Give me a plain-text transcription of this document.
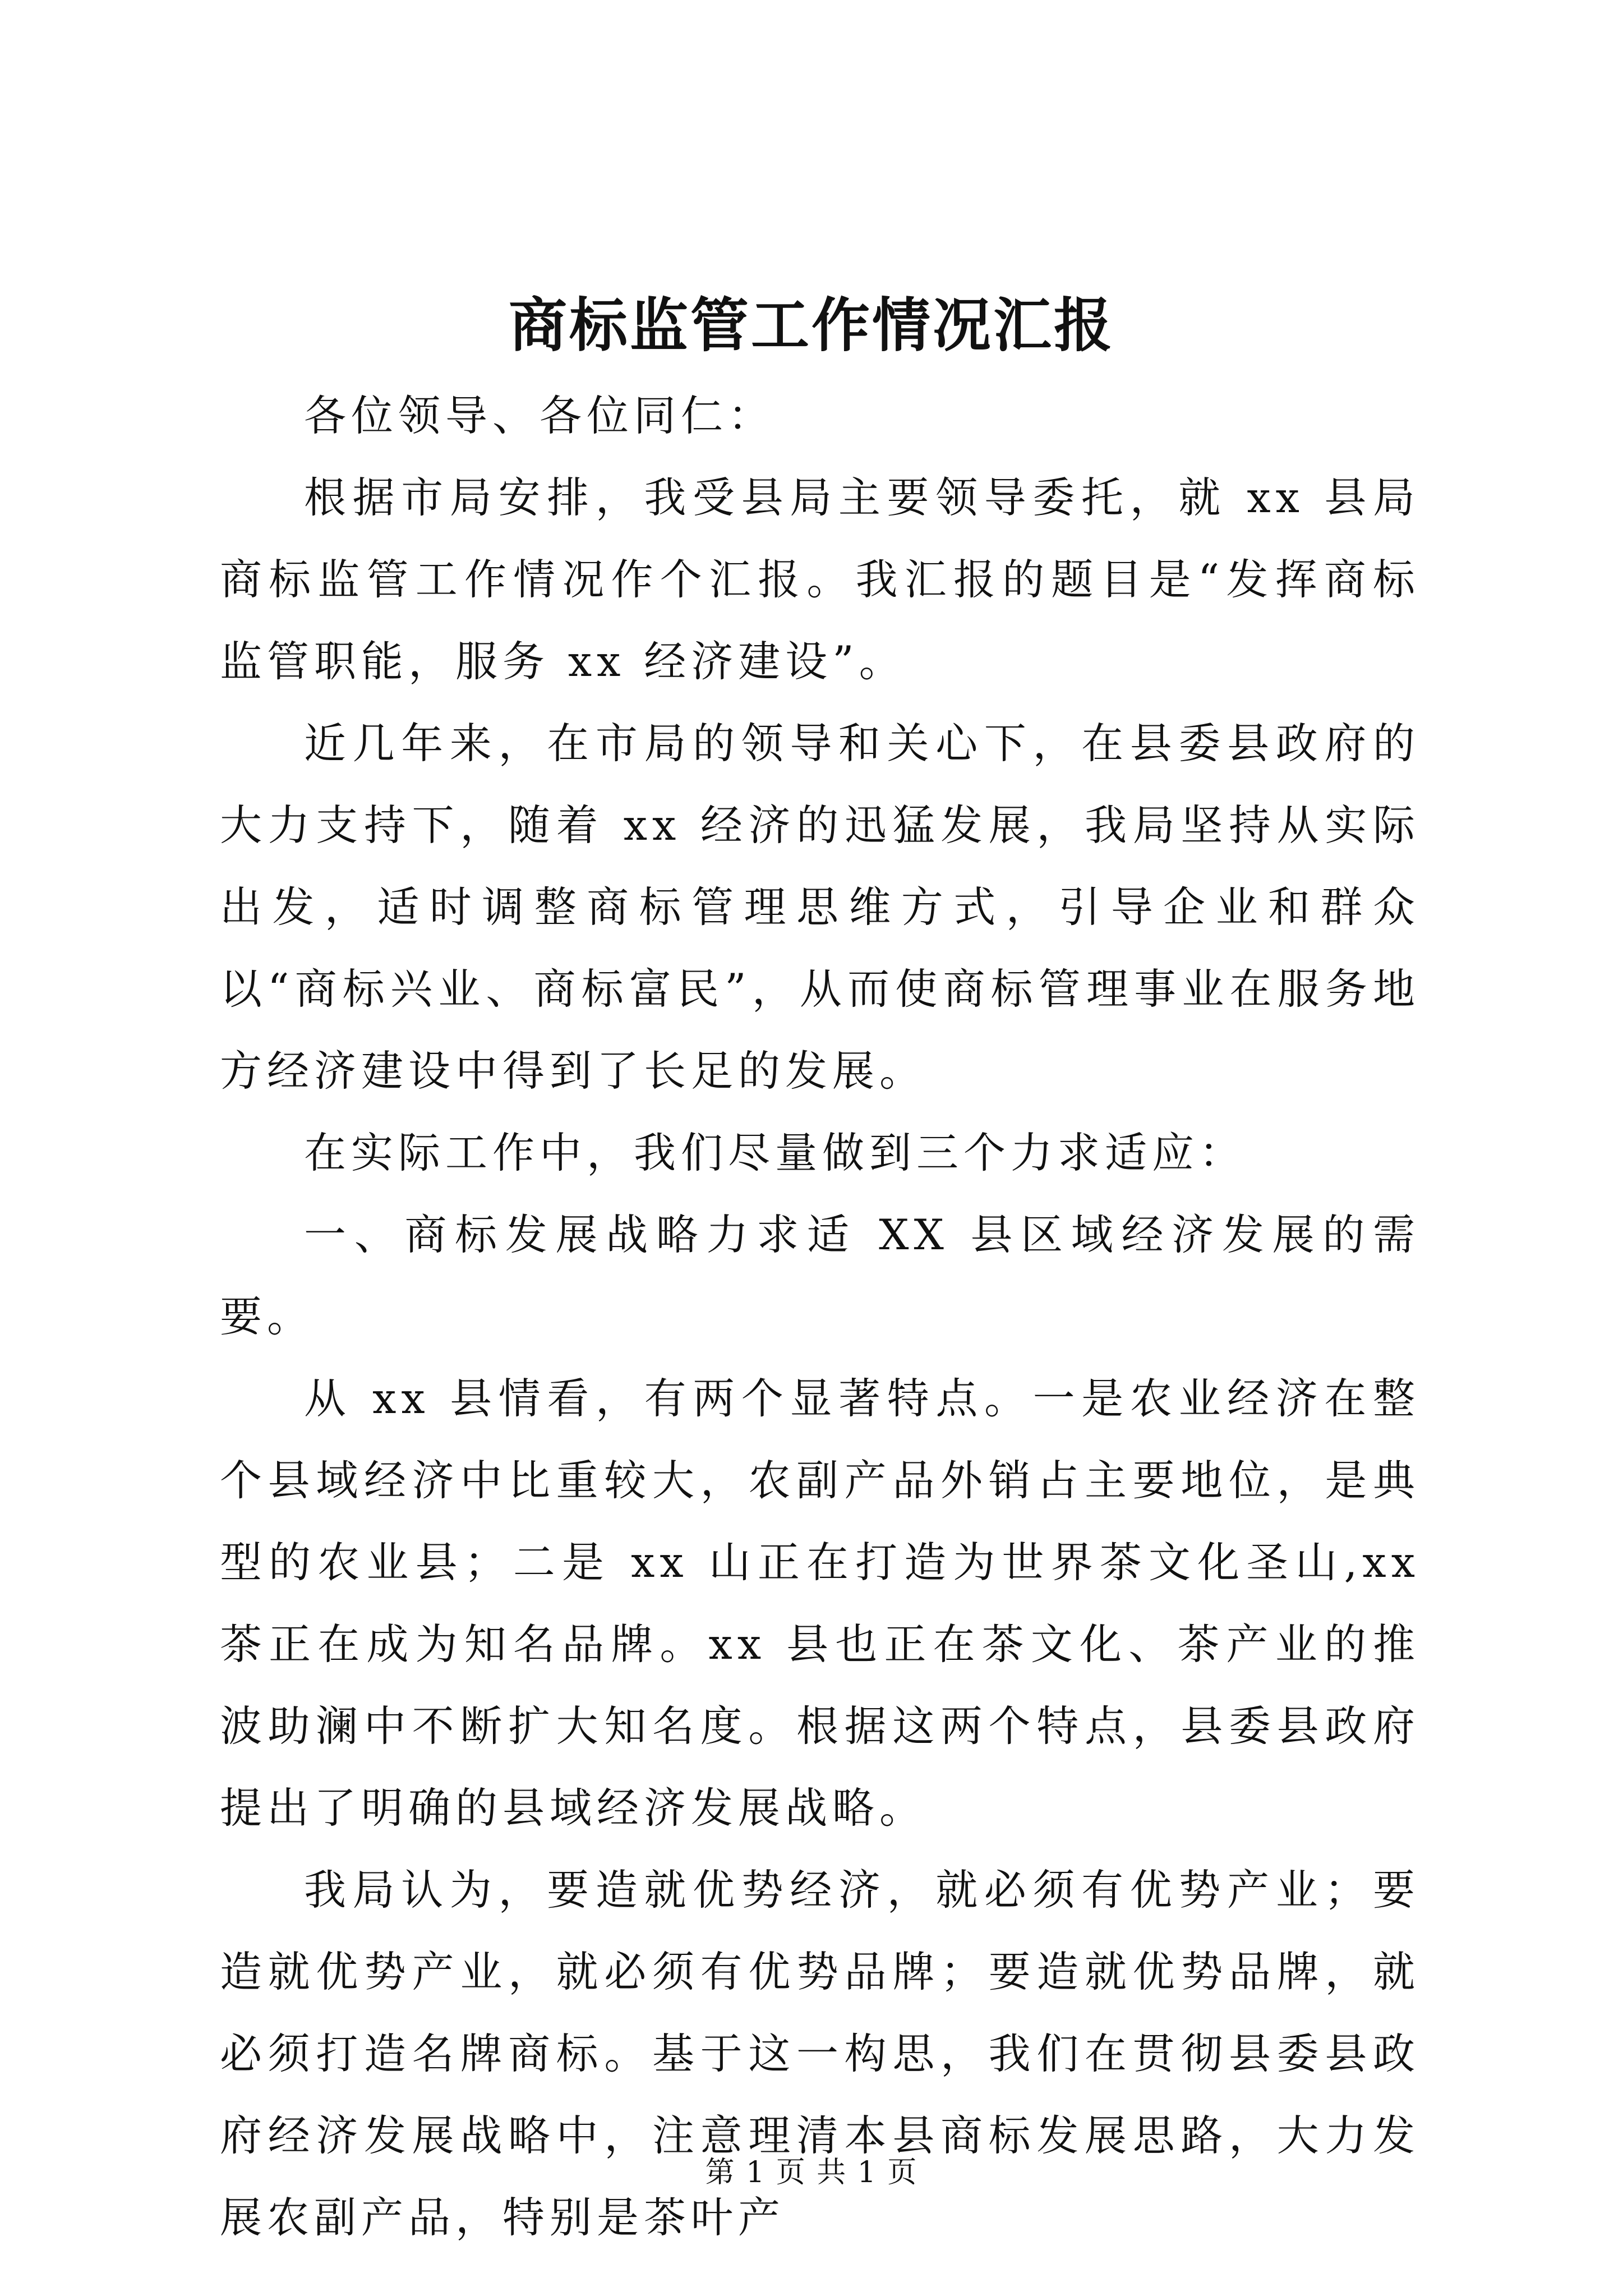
商标监管工作情况汇报

各位领导、各位同仁：

根据市局安排，我受县局主要领导委托，就 xx 县局商标监管工作情况作个汇报。我汇报的题目是“发挥商标监管职能，服务 xx 经济建设”。

近几年来，在市局的领导和关心下，在县委县政府的大力支持下，随着 xx 经济的迅猛发展，我局坚持从实际出发，适时调整商标管理思维方式，引导企业和群众以“商标兴业、商标富民”，从而使商标管理事业在服务地方经济建设中得到了长足的发展。

在实际工作中，我们尽量做到三个力求适应：

一、商标发展战略力求适 XX 县区域经济发展的需要。

从 xx 县情看，有两个显著特点。一是农业经济在整个县域经济中比重较大，农副产品外销占主要地位，是典型的农业县；二是 xx 山正在打造为世界茶文化圣山,xx 茶正在成为知名品牌。xx 县也正在茶文化、茶产业的推波助澜中不断扩大知名度。根据这两个特点，县委县政府提出了明确的县域经济发展战略。

我局认为，要造就优势经济，就必须有优势产业；要造就优势产业，就必须有优势品牌；要造就优势品牌，就必须打造名牌商标。基于这一构思，我们在贯彻县委县政府经济发展战略中，注意理清本县商标发展思路，大力发展农副产品，特别是茶叶产

第 1 页 共 1 页
